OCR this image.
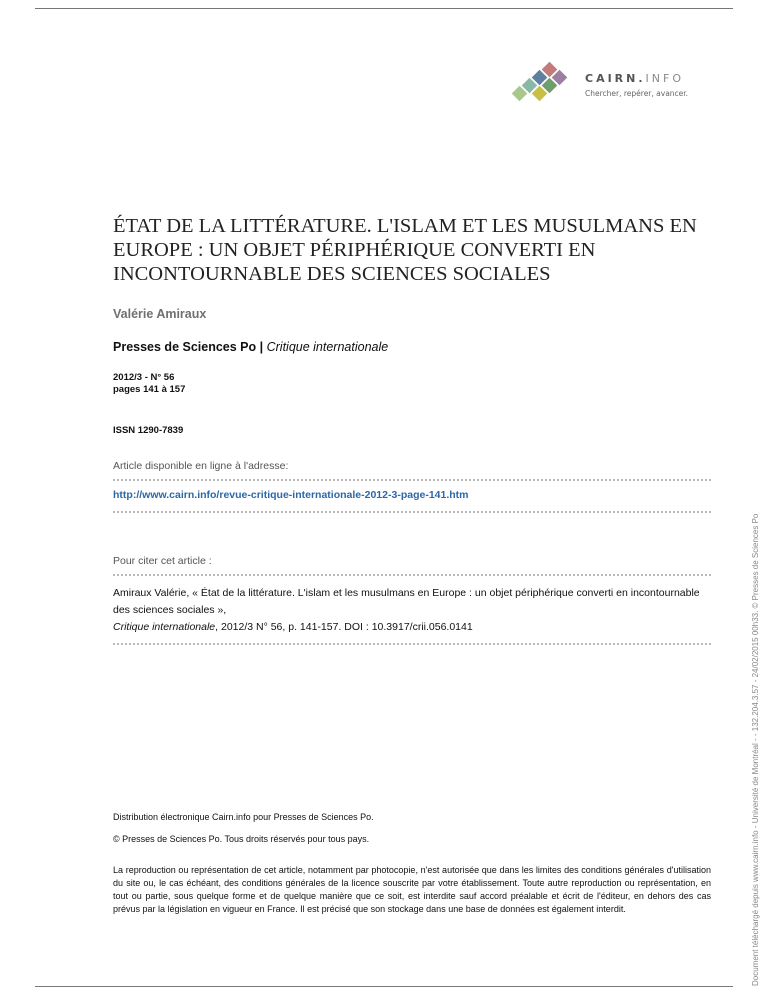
CAIRN.INFO
Chercher, repérer, avancer.
ÉTAT DE LA LITTÉRATURE. L'ISLAM ET LES MUSULMANS EN EUROPE : UN OBJET PÉRIPHÉRIQUE CONVERTI EN INCONTOURNABLE DES SCIENCES SOCIALES
Valérie Amiraux
Presses de Sciences Po | Critique internationale
2012/3 - N° 56
pages 141 à 157
ISSN 1290-7839
Article disponible en ligne à l'adresse:
http://www.cairn.info/revue-critique-internationale-2012-3-page-141.htm
Pour citer cet article :

Amiraux Valérie, « État de la littérature. L'islam et les musulmans en Europe : un objet périphérique converti en incontournable des sciences sociales »,

Critique internationale, 2012/3 N° 56, p. 141-157. DOI : 10.3917/crii.056.0141

Distribution électronique Cairn.info pour Presses de Sciences Po.
© Presses de Sciences Po. Tous droits réservés pour tous pays.

La reproduction ou représentation de cet article, notamment par photocopie, n'est autorisée que dans les limites des conditions générales d'utilisation du site ou, le cas échéant, des conditions générales de la licence souscrite par votre établissement. Toute autre reproduction ou représentation, en tout ou partie, sous quelque forme et de quelque manière que ce soit, est interdite sauf accord préalable et écrit de l'éditeur, en dehors des cas prévus par la législation en vigueur en France. Il est précisé que son stockage dans une base de données est également interdit.	Document téléchargé depuis www.cairn.info - Université de Montréal - - 132.204.3.57 - 24/02/2015 00h33. © Presses de Sciences Po
